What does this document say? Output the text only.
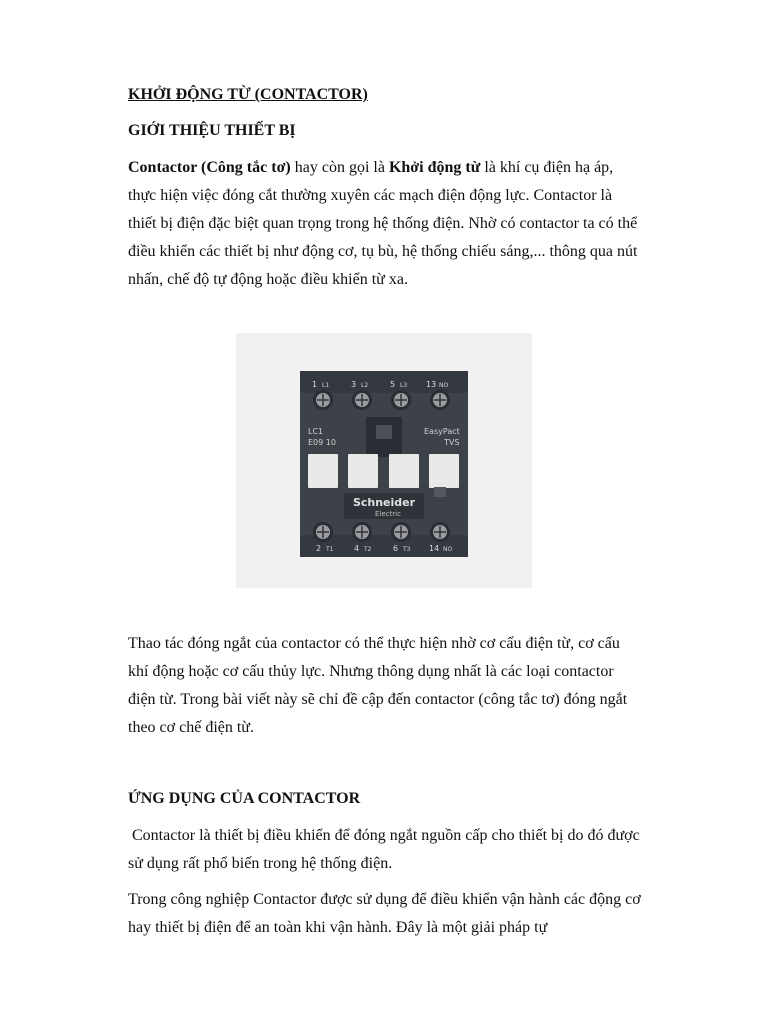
KHỞI ĐỘNG TỪ (CONTACTOR)
GIỚI THIỆU THIẾT BỊ
Contactor (Công tắc tơ) hay còn gọi là Khởi động từ là khí cụ điện hạ áp, thực hiện việc đóng cắt thường xuyên các mạch điện động lực. Contactor là thiết bị điện đặc biệt quan trọng trong hệ thống điện. Nhờ có contactor ta có thể điều khiển các thiết bị như động cơ, tụ bù, hệ thống chiếu sáng,... thông qua nút nhấn, chế độ tự động hoặc điều khiển từ xa.
1 L1	3 L2	5 L3 13 NO
LC1
E09 10
EasyPact
TVS
Schneider
Electric
2 T1	4 T2	6 T3 14 NO
Thao tác đóng ngắt của contactor có thể thực hiện nhờ cơ cấu điện từ, cơ cấu khí động hoặc cơ cấu thủy lực. Nhưng thông dụng nhất là các loại contactor điện từ. Trong bài viết này sẽ chỉ đề cập đến contactor (công tắc tơ) đóng ngắt theo cơ chế điện từ.
ỨNG DỤNG CỦA CONTACTOR
Contactor là thiết bị điều khiển để đóng ngắt nguồn cấp cho thiết bị do đó được sử dụng rất phổ biến trong hệ thống điện.
Trong công nghiệp Contactor được sử dụng để điều khiển vận hành các động cơ hay thiết bị điện để an toàn khi vận hành. Đây là một giải pháp tự
